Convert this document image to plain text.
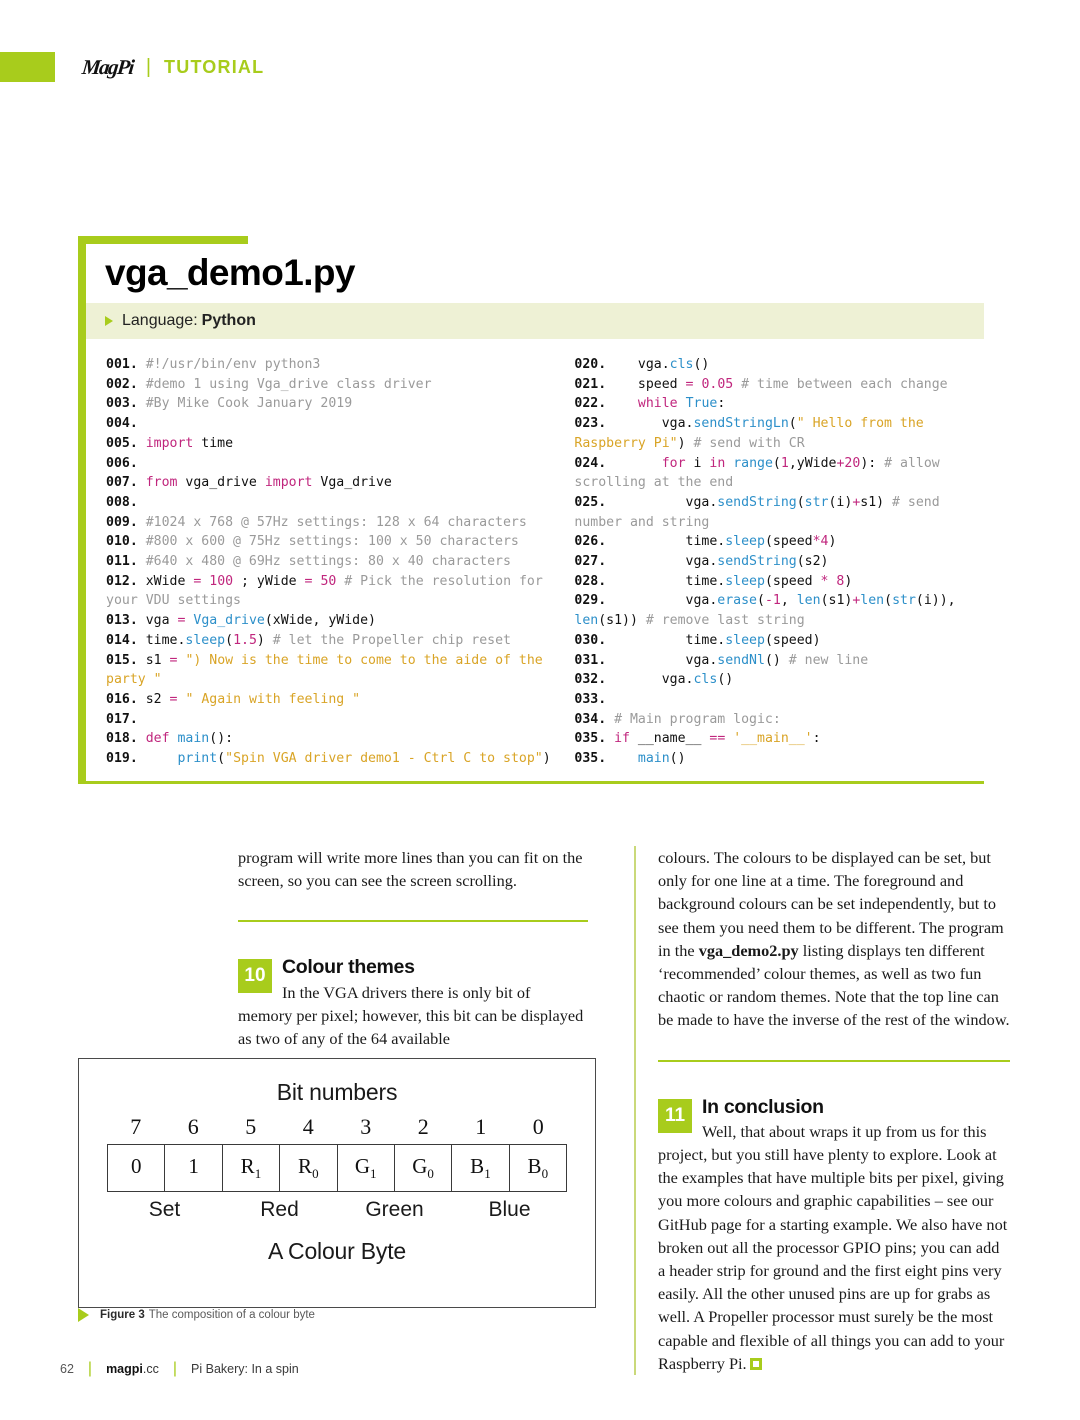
MagPi | TUTORIAL
vga_demo1.py
Language: Python
001. #!/usr/bin/env python3
002. #demo 1 using Vga_drive class driver
003. #By Mike Cook January 2019
004.
005. import time
006.
007. from vga_drive import Vga_drive
008.
009. #1024 x 768 @ 57Hz settings: 128 x 64 characters
010. #800 x 600 @ 75Hz settings: 100 x 50 characters
011. #640 x 480 @ 69Hz settings: 80 x 40 characters
012. xWide = 100 ; yWide = 50 # Pick the resolution for your VDU settings
013. vga = Vga_drive(xWide, yWide)
014. time.sleep(1.5) # let the Propeller chip reset
015. s1 = ") Now is the time to come to the aide of the party "
016. s2 = " Again with feeling "
017.
018. def main():
019.     print("Spin VGA driver demo1 - Ctrl C to stop")
020.    vga.cls()
021.    speed = 0.05 # time between each change
022.    while True:
023.       vga.sendStringLn(" Hello from the Raspberry Pi") # send with CR
024.	for i in range(1,yWide+20): # allow scrolling at the end
025.          vga.sendString(str(i)+s1) # send number and string
026.          time.sleep(speed*4)
027.          vga.sendString(s2)
028.          time.sleep(speed * 8)
029.          vga.erase(-1, len(s1)+len(str(i)), len(s1)) # remove last string
030.          time.sleep(speed)
031.          vga.sendNl() # new line
032.       vga.cls()
033.
034. # Main program logic:
035. if __name__ == '__main__':
035.    main()

program will write more lines than you can fit on the screen, so you can see the screen scrolling.

10 Colour themes

In the VGA drivers there is only bit of memory per pixel; however, this bit can be displayed as two of any of the 64 available

colours. The colours to be displayed can be set, but only for one line at a time. The foreground and background colours can be set independently, but to see them you need them to be different. The program in the vga_demo2.py listing displays ten different ‘recommended’ colour themes, as well as two fun chaotic or random themes. Note that the top line can be made to have the inverse of the rest of the window.

11 In conclusion

Well, that about wraps it up from us for this project, but you still have plenty to explore. Look at the examples that have multiple bits per pixel, giving you more colours and graphic capabilities – see our GitHub page for a starting example. We also have not broken out all the processor GPIO pins; you can add a header strip for ground and the first eight pins very easily. All the other unused pins are up for grabs as well. A Propeller processor must surely be the most capable and flexible of all things you can add to your Raspberry Pi.

Bit numbers
7	6	5	4	3	2	1	0
0	1	$R_1$	$R_0$	$G_1$	$G_0$	$B_1$	$B_0$
Set	Red	Green	Blue
A Colour Byte
Figure 3 The composition of a colour byte
62 | magpi.cc | Pi Bakery: In a spin
